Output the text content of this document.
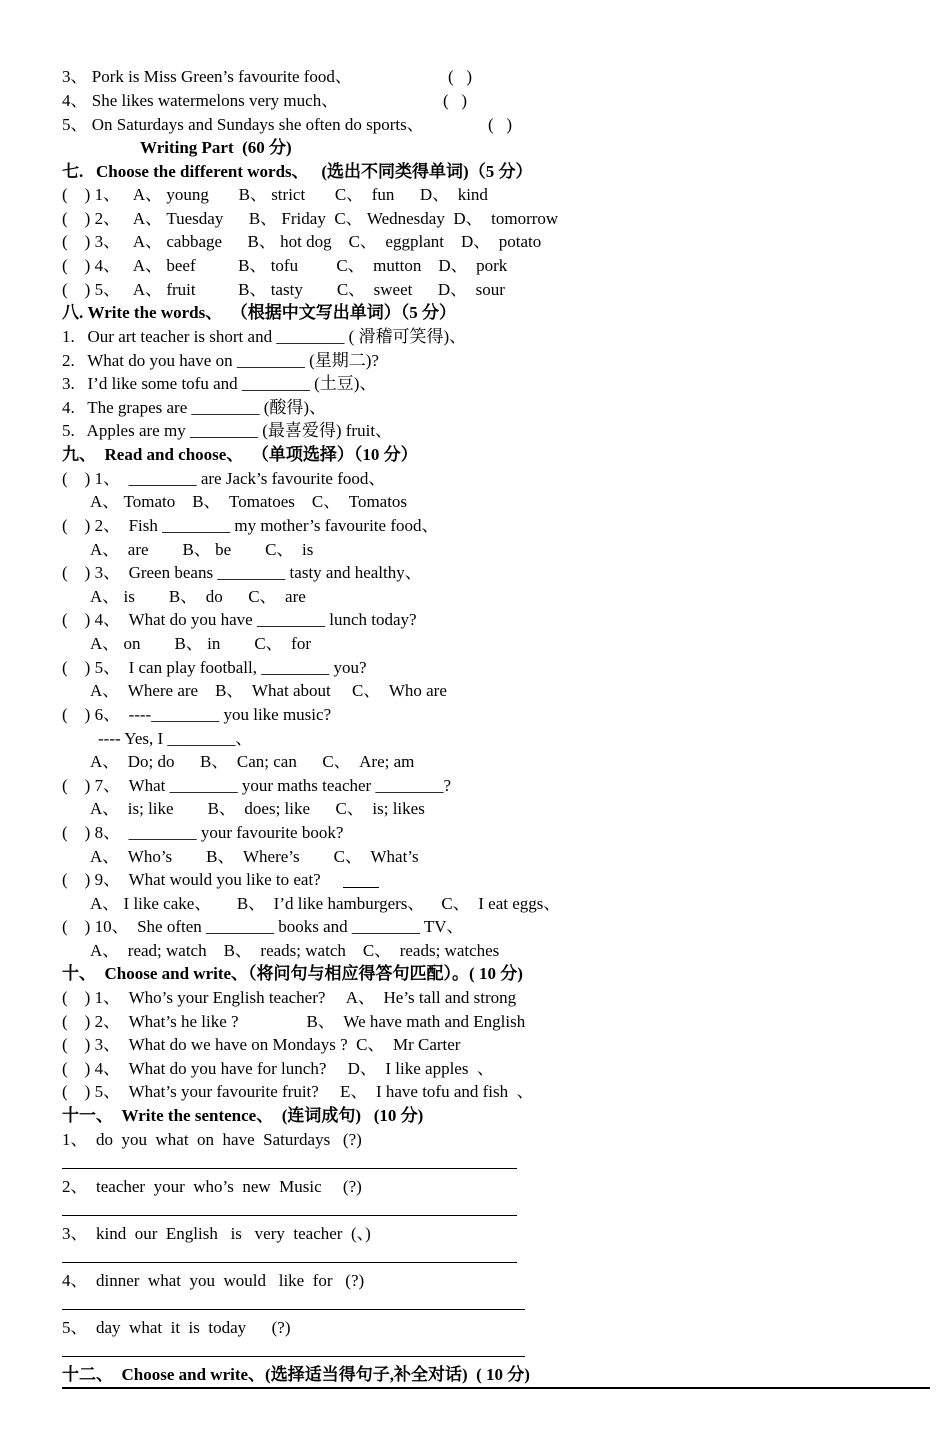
3、 Pork is Miss Green’s favourite food、	(   )
4、 She likes watermelons very much、	(   )
5、 On Saturdays and Sundays she often do sports、	(   )
Writing Part  (60 分)
七.   Choose the different words、   (选出不同类得单词)（5 分）
(    ) 1、   A、 young       B、 strict       C、  fun      D、  kind
(    ) 2、   A、 Tuesday      B、 Friday  C、 Wednesday  D、  tomorrow
(    ) 3、   A、 cabbage      B、 hot dog    C、  eggplant    D、  potato
(    ) 4、   A、 beef          B、 tofu         C、  mutton    D、  pork
(    ) 5、   A、 fruit          B、 tasty        C、  sweet      D、  sour
八. Write the words、  （根据中文写出单词）（5 分）
1.   Our art teacher is short and ________ ( 滑稽可笑得)、
2.   What do you have on ________ (星期二)?
3.   I’d like some tofu and ________ (土豆)、
4.   The grapes are ________ (酸得)、
5.   Apples are my ________ (最喜爱得) fruit、
九、  Read and choose、  （单项选择）（10 分）
(    ) 1、  ________ are Jack’s favourite food、
A、 Tomato    B、  Tomatoes    C、  Tomatos
(    ) 2、  Fish ________ my mother’s favourite food、
A、  are        B、 be        C、  is
(    ) 3、  Green beans ________ tasty and healthy、
A、 is        B、  do      C、  are
(    ) 4、  What do you have ________ lunch today?
A、 on        B、 in        C、  for
(    ) 5、  I can play football, ________ you?
A、  Where are    B、  What about     C、  Who are
(    ) 6、  ----________ you like music?
---- Yes, I ________、
A、  Do; do      B、  Can; can      C、  Are; am
(    ) 7、  What ________ your maths teacher ________?
A、  is; like        B、  does; like      C、  is; likes
(    ) 8、  ________ your favourite book?
A、  Who’s        B、  Where’s        C、  What’s
(    ) 9、  What would you like to eat?
A、 I like cake、      B、  I’d like hamburgers、    C、  I eat eggs、
(    ) 10、  She often ________ books and ________ TV、
A、  read; watch    B、  reads; watch    C、  reads; watches
十、  Choose and write、（将问句与相应得答句匹配）。( 10 分)
(    ) 1、  Who’s your English teacher?     A、  He’s tall and strong
(    ) 2、  What’s he like ?                B、  We have math and English
(    ) 3、  What do we have on Mondays ?  C、  Mr Carter
(    ) 4、  What do you have for lunch?     D、  I like apples  、
(    ) 5、  What’s your favourite fruit?     E、  I have tofu and fish  、
十一、  Write the sentence、  (连词成句)   (10 分)
1、  do  you  what  on  have  Saturdays   (?)
2、  teacher  your  who’s  new  Music     (?)
3、  kind  our  English   is   very  teacher  (、)
4、  dinner  what  you  would   like  for   (?)
5、  day  what  it  is  today      (?)
十二、  Choose and write、(选择适当得句子,补全对话)  ( 10 分)
